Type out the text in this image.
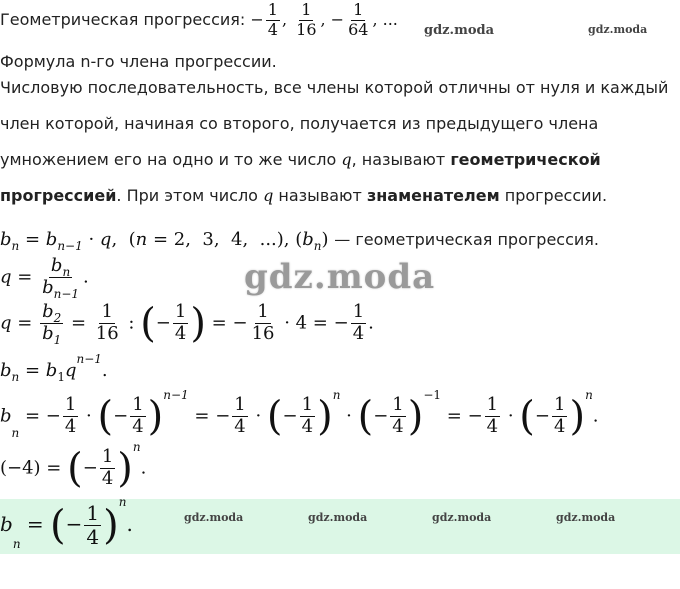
Геометрическая прогрессия: − $\frac{1}{4}$ , $\frac{1}{16}$ , − $\frac{1}{64}$ , ...
gdz.moda	gdz.moda
Формула n-го члена прогрессии.
Числовую последовательность, все члены которой отличны от нуля и каждый
член которой, начиная со второго, получается из предыдущего члена
умножением его на одно и то же число q, называют геометрической
прогрессией. При этом число q называют знаменателем прогрессии.
bn = bn−1 · q,  (n = 2,  3,  4,  ...), (bn) — геометрическая прогрессия.
gdz.moda
$q = \frac{bn}{bn-1}$ .
$q = \frac{b2}{b1} = \frac{1}{16}$ : (− $\frac{1}{4}$ ) = − $\frac{1}{16} \cdot 4$ = − $\frac{1}{4}$ .
bn = $b1q^{n-1}$.
bn = − $\frac{1}{4}$ · (− $\frac{1}{4} )^{n-1}$ = − $\frac{1}{4}$ · (− $\frac{1}{4} )^n$ · (− $\frac{1}{4} )^{-1}$ = − $\frac{1}{4}$ · (− $\frac{1}{4} )^n$.
(−4) = (− $\frac{1}{4} )^n$.
bn = (− $\frac{1}{4} )^n$.	gdz.moda	gdz.moda	gdz.moda	gdz.moda
